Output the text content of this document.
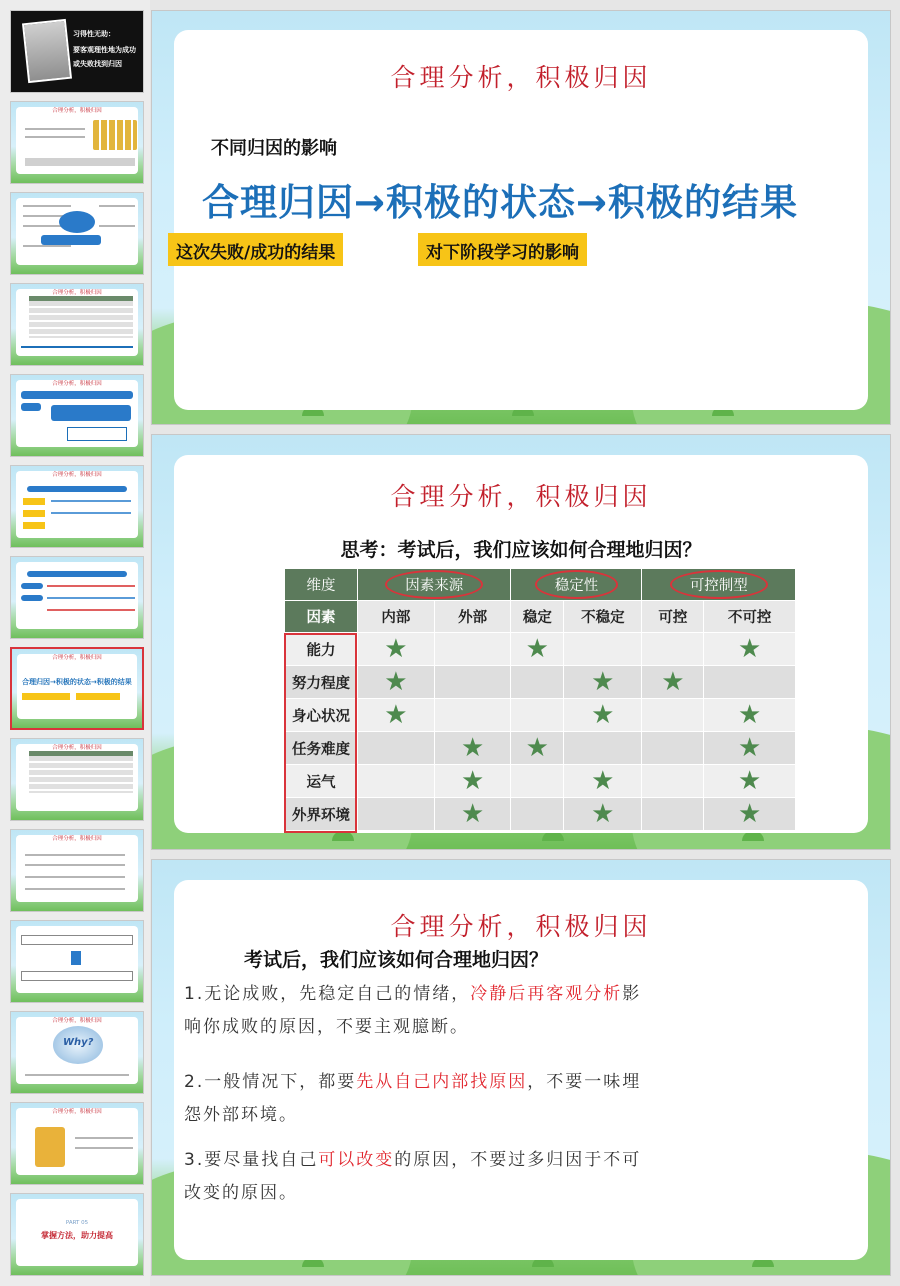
习得性无助：
要客观理性地为成功
或失败找到归因
合理分析，积极归因
合理分析，积极归因
合理分析，积极归因
合理分析，积极归因
合理分析，积极归因
合理归因→积极的状态→积极的结果
合理分析，积极归因
合理分析，积极归因
合理分析，积极归因
Why?
合理分析，积极归因
PART 05
掌握方法，助力提高
合理分析，积极归因
不同归因的影响
合理归因→积极的状态→积极的结果
这次失败/成功的结果	对下阶段学习的影响
合理分析，积极归因
思考：考试后，我们应该如何合理地归因？
维度	因素来源		稳定性		可控制型	
因素	内部	外部	稳定	不稳定	可控	不可控
能力	★		★			★
努力程度	★			★	★	
身心状况	★			★		★
任务难度		★	★			★
运气		★		★		★
外界环境		★		★		★
合理分析，积极归因
考试后，我们应该如何合理地归因？
1.无论成败，先稳定自己的情绪，冷静后再客观分析影响你成败的原因，不要主观臆断。
2.一般情况下，都要先从自己内部找原因，不要一味埋怨外部环境。
3.要尽量找自己可以改变的原因，不要过多归因于不可改变的原因。
